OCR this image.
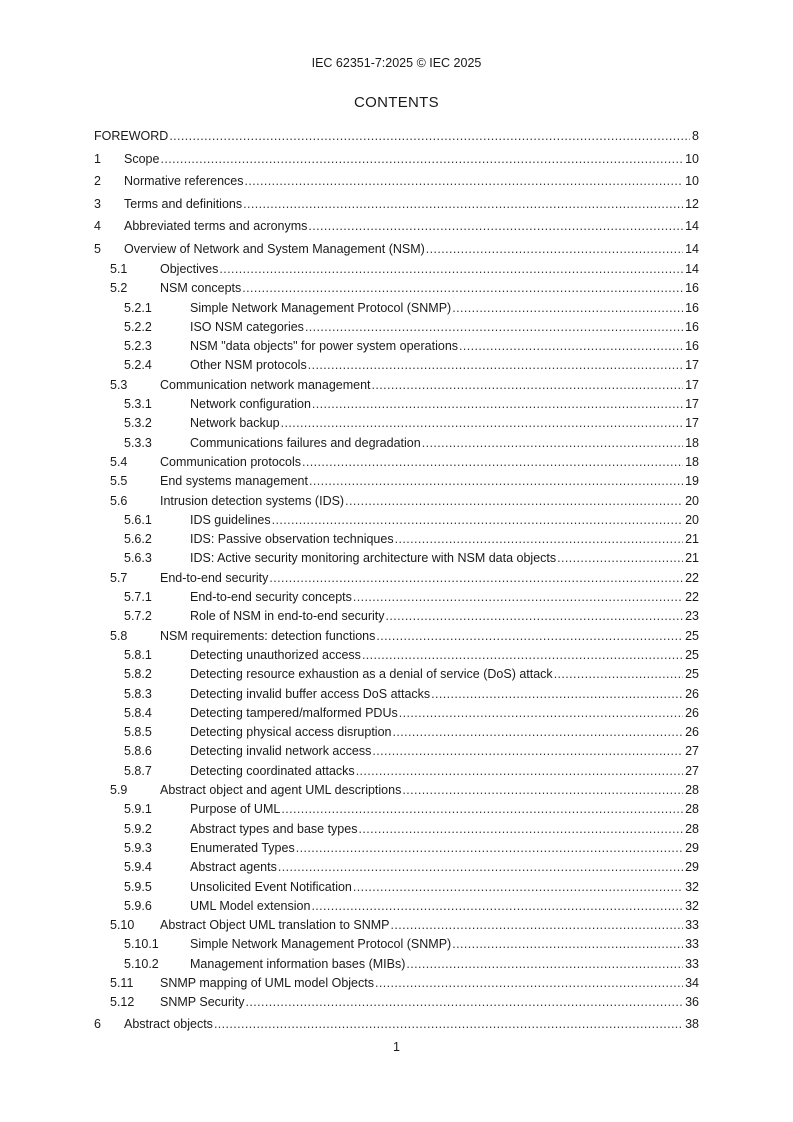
IEC 62351-7:2025 © IEC 2025
CONTENTS
FOREWORD .....	8
1	Scope .....	10
2	Normative references .....	10
3	Terms and definitions .....	12
4	Abbreviated terms and acronyms .....	14
5	Overview of Network and System Management (NSM) .....	14
5.1	Objectives .....	14
5.2	NSM concepts .....	16
5.2.1	Simple Network Management Protocol (SNMP) .....	16
5.2.2	ISO NSM categories .....	16
5.2.3	NSM "data objects" for power system operations .....	16
5.2.4	Other NSM protocols .....	17
5.3	Communication network management .....	17
5.3.1	Network configuration .....	17
5.3.2	Network backup .....	17
5.3.3	Communications failures and degradation .....	18
5.4	Communication protocols .....	18
5.5	End systems management .....	19
5.6	Intrusion detection systems (IDS) .....	20
5.6.1	IDS guidelines .....	20
5.6.2	IDS: Passive observation techniques .....	21
5.6.3	IDS: Active security monitoring architecture with NSM data objects .....	21
5.7	End-to-end security .....	22
5.7.1	End-to-end security concepts .....	22
5.7.2	Role of NSM in end-to-end security .....	23
5.8	NSM requirements: detection functions .....	25
5.8.1	Detecting unauthorized access .....	25
5.8.2	Detecting resource exhaustion as a denial of service (DoS) attack .....	25
5.8.3	Detecting invalid buffer access DoS attacks .....	26
5.8.4	Detecting tampered/malformed PDUs .....	26
5.8.5	Detecting physical access disruption .....	26
5.8.6	Detecting invalid network access .....	27
5.8.7	Detecting coordinated attacks .....	27
5.9	Abstract object and agent UML descriptions .....	28
5.9.1	Purpose of UML .....	28
5.9.2	Abstract types and base types .....	28
5.9.3	Enumerated Types .....	29
5.9.4	Abstract agents .....	29
5.9.5	Unsolicited Event Notification .....	32
5.9.6	UML Model extension .....	32
5.10	Abstract Object UML translation to SNMP .....	33
5.10.1	Simple Network Management Protocol (SNMP) .....	33
5.10.2	Management information bases (MIBs) .....	33
5.11	SNMP mapping of UML model Objects .....	34
5.12	SNMP Security .....	36
6	Abstract objects .....	38
1
